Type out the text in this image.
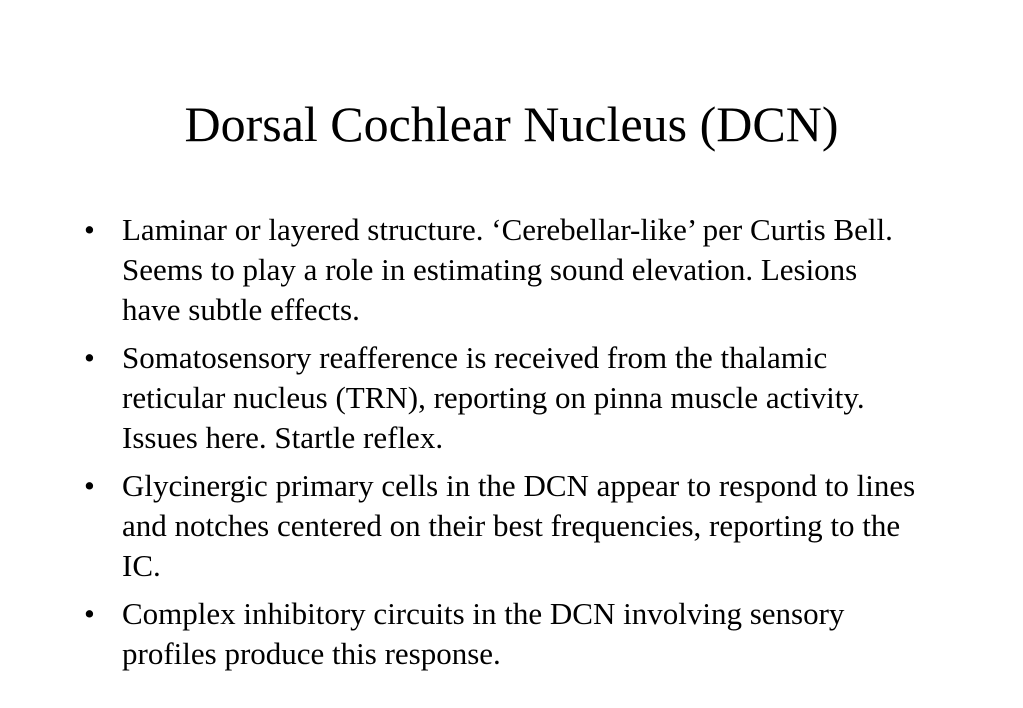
Dorsal Cochlear Nucleus (DCN)
• Laminar or layered structure. ‘Cerebellar-like’ per Curtis Bell. Seems to play a role in estimating sound elevation. Lesions have subtle effects.
• Somatosensory reafference is received from the thalamic reticular nucleus (TRN), reporting on pinna muscle activity. Issues here. Startle reflex.
• Glycinergic primary cells in the DCN appear to respond to lines and notches centered on their best frequencies, reporting to the IC.
• Complex inhibitory circuits in the DCN involving sensory profiles produce this response.
